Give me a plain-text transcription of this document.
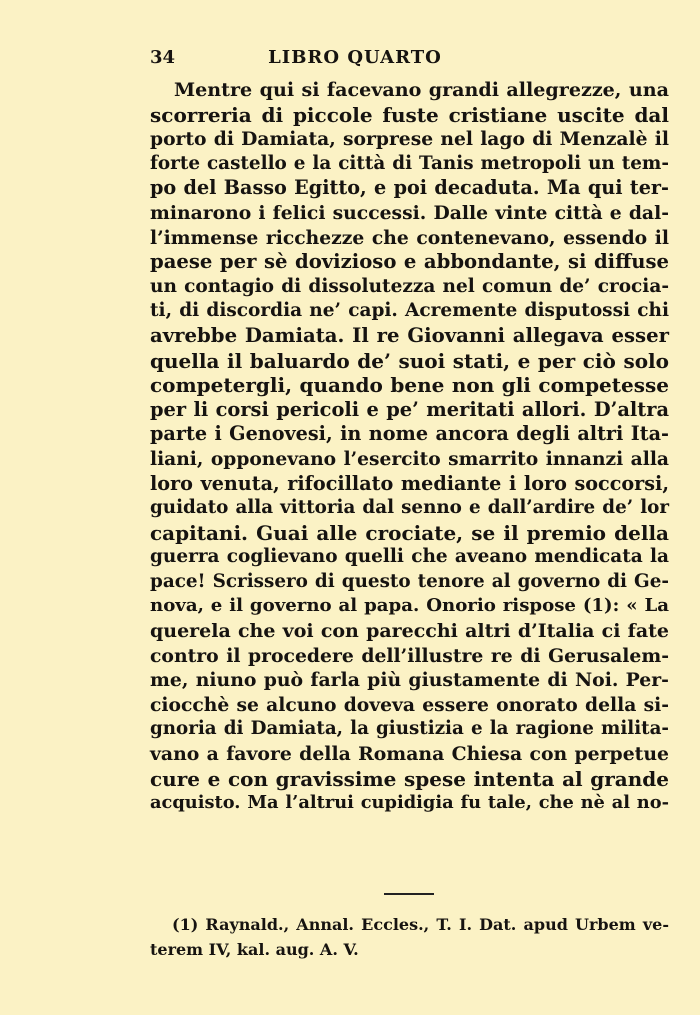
34	LIBRO QUARTO
Mentre qui si facevano grandi allegrezze, una
scorreria di piccole fuste cristiane uscite dal
porto di Damiata, sorprese nel lago di Menzalè il
forte castello e la città di Tanis metropoli un tem-
po del Basso Egitto, e poi decaduta. Ma qui ter-
minarono i felici successi. Dalle vinte città e dal-
l’immense ricchezze che contenevano, essendo il
paese per sè dovizioso e abbondante, si diffuse
un contagio di dissolutezza nel comun de’ crocia-
ti, di discordia ne’ capi. Acremente disputossi chi
avrebbe Damiata. Il re Giovanni allegava esser
quella il baluardo de’ suoi stati, e per ciò solo
competergli, quando bene non gli competesse
per li corsi pericoli e pe’ meritati allori. D’altra
parte i Genovesi, in nome ancora degli altri Ita-
liani, opponevano l’esercito smarrito innanzi alla
loro venuta, rifocillato mediante i loro soccorsi,
guidato alla vittoria dal senno e dall’ardire de’ lor
capitani. Guai alle crociate, se il premio della
guerra coglievano quelli che aveano mendicata la
pace! Scrissero di questo tenore al governo di Ge-
nova, e il governo al papa. Onorio rispose (1): « La
querela che voi con parecchi altri d’Italia ci fate
contro il procedere dell’illustre re di Gerusalem-
me, niuno può farla più giustamente di Noi. Per-
ciocchè se alcuno doveva essere onorato della si-
gnoria di Damiata, la giustizia e la ragione milita-
vano a favore della Romana Chiesa con perpetue
cure e con gravissime spese intenta al grande
acquisto. Ma l’altrui cupidigia fu tale, che nè al no-
(1) Raynald., Annal. Eccles., T. I. Dat. apud Urbem ve-
terem IV, kal. aug. A. V.
